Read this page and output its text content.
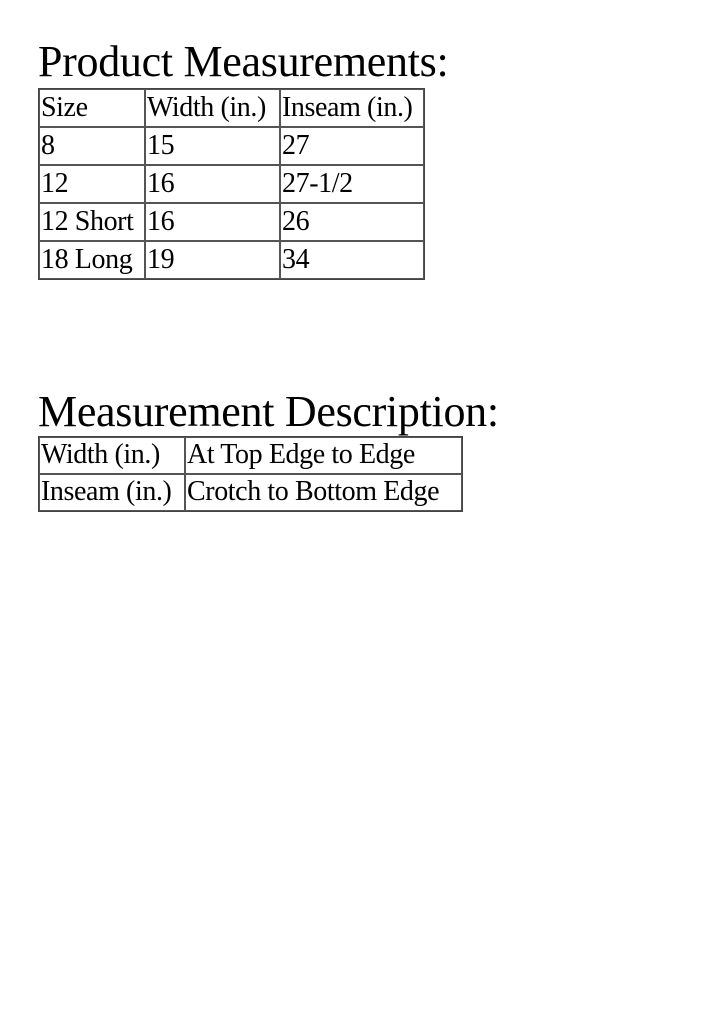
Product Measurements:
Size	Width (in.)	Inseam (in.)
8	15	27
12	16	27-1/2
12 Short	16	26
18 Long	19	34
Measurement Description:
Width (in.)	At Top Edge to Edge
Inseam (in.)	Crotch to Bottom Edge
